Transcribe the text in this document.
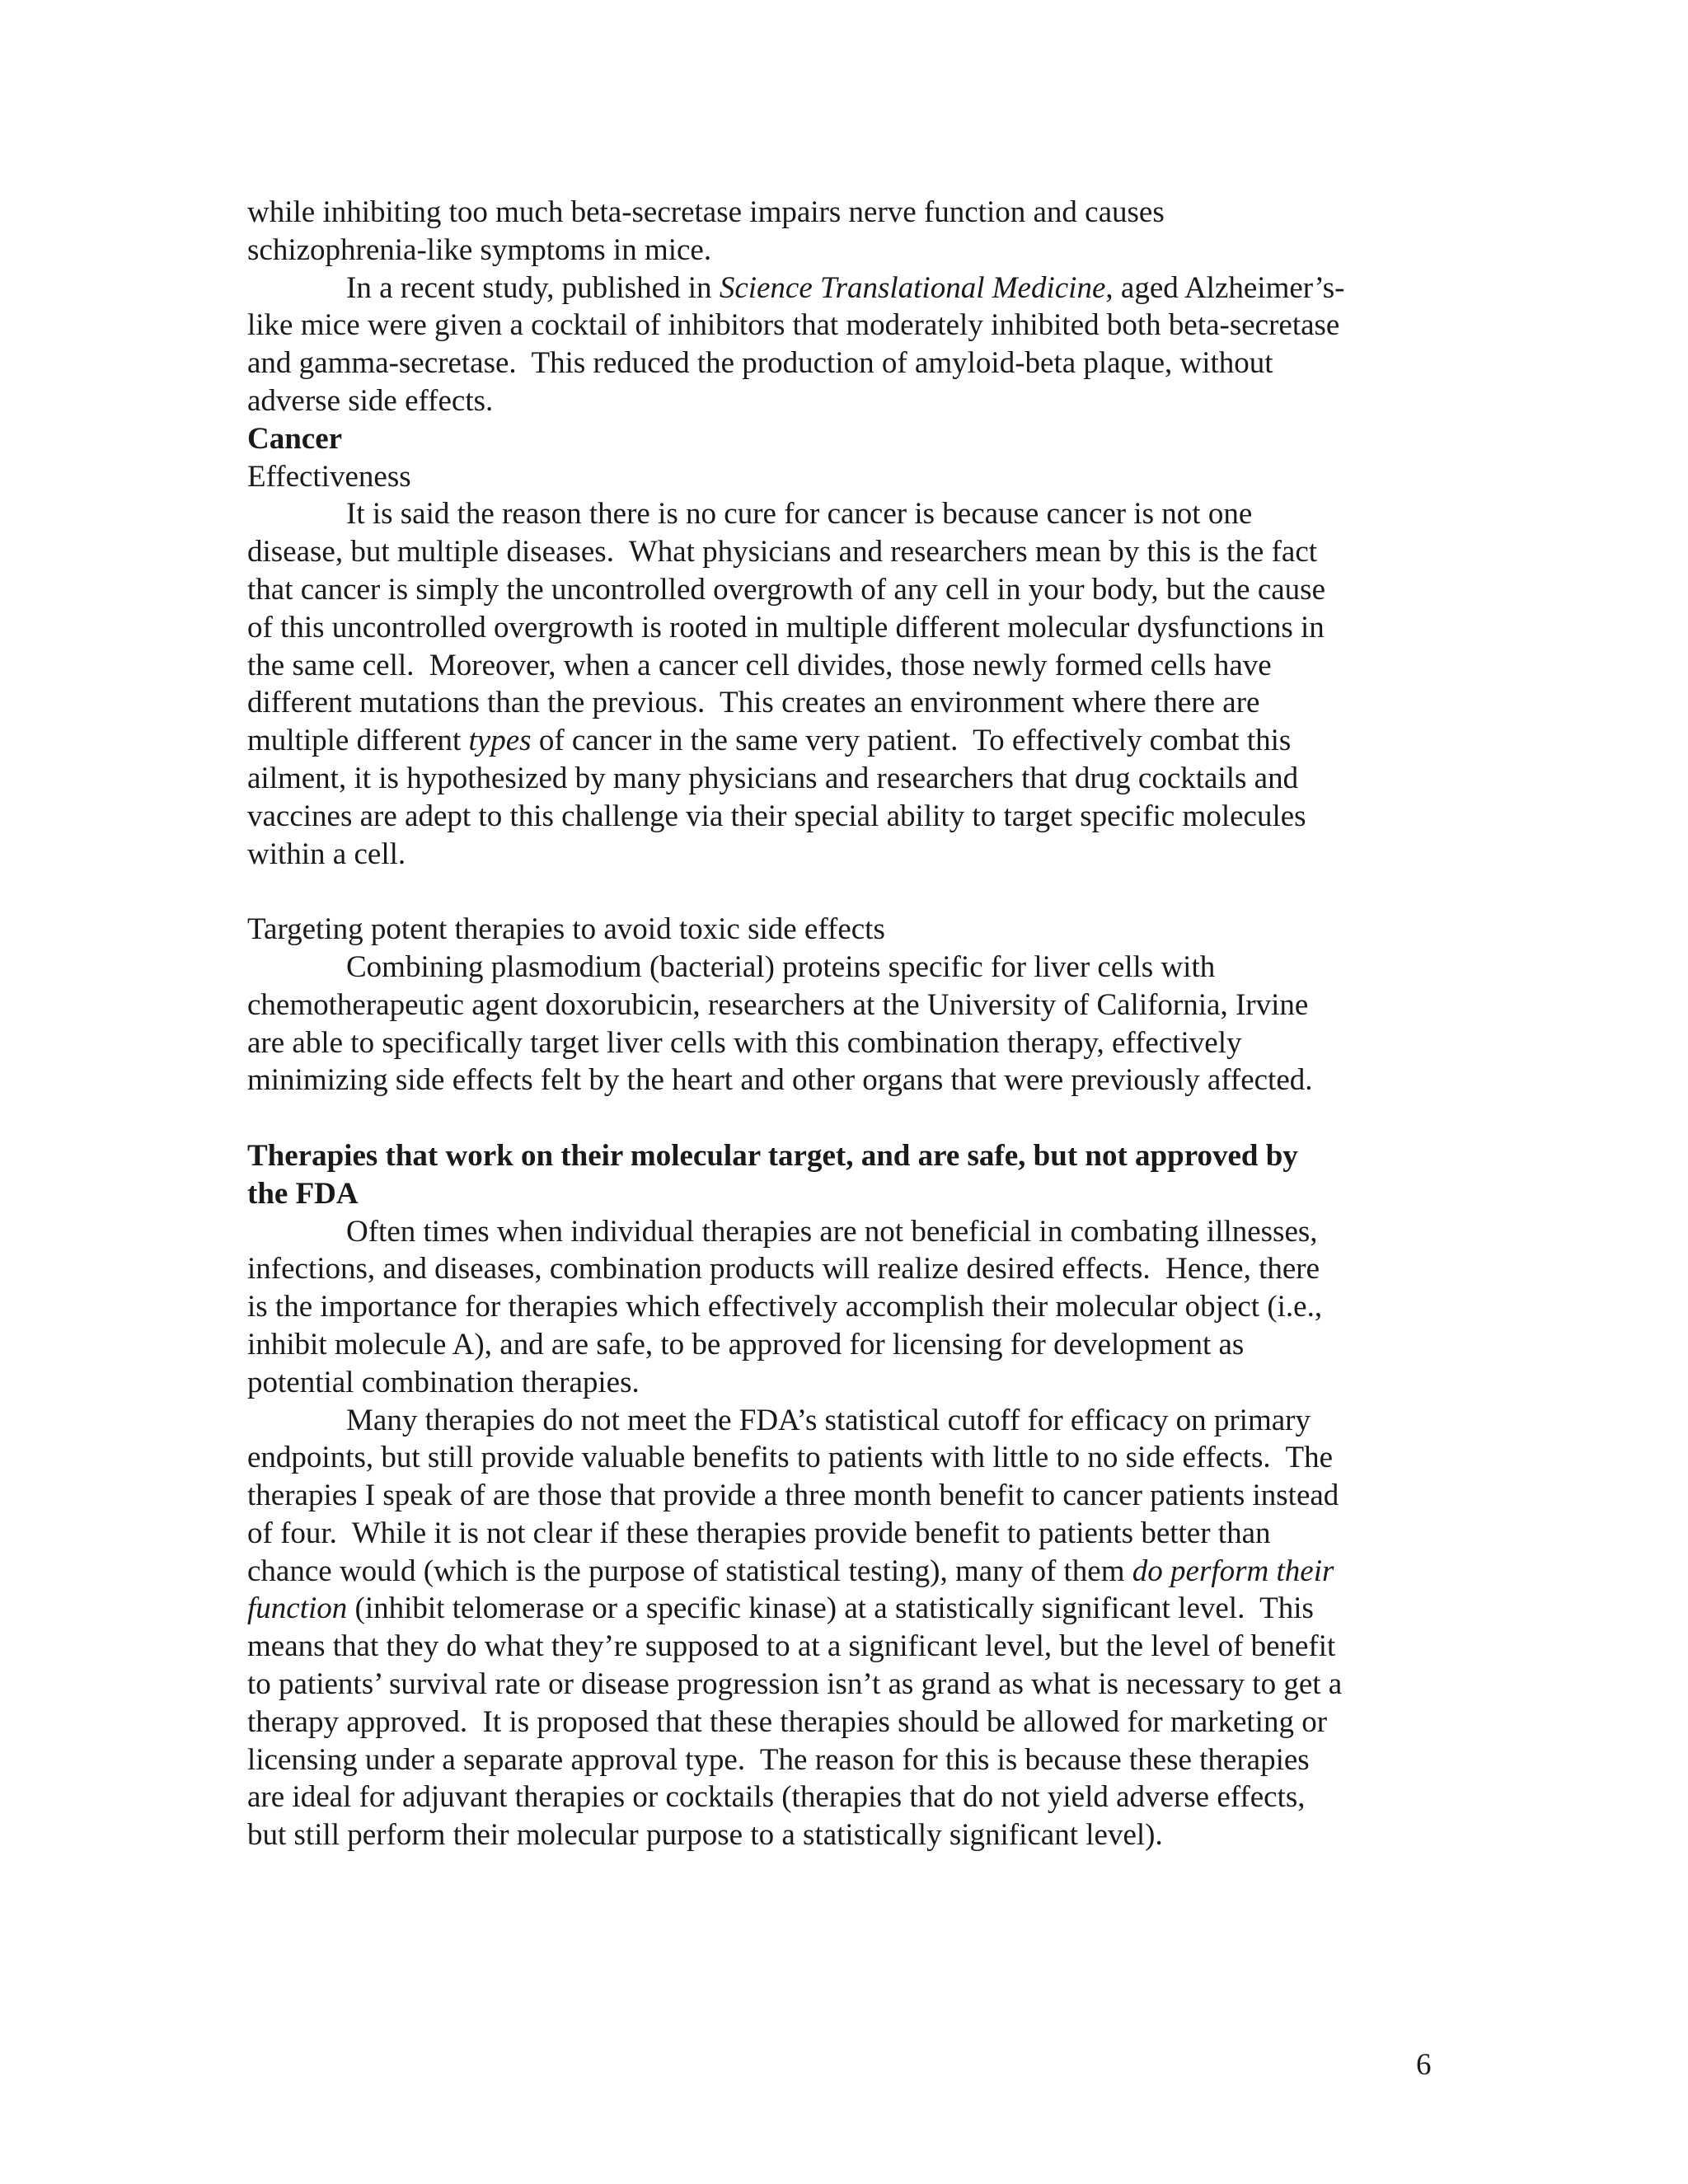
while inhibiting too much beta-secretase impairs nerve function and causes
schizophrenia-like symptoms in mice.
In a recent study, published in Science Translational Medicine, aged Alzheimer’s-
like mice were given a cocktail of inhibitors that moderately inhibited both beta-secretase
and gamma-secretase.  This reduced the production of amyloid-beta plaque, without
adverse side effects.
Cancer
Effectiveness
It is said the reason there is no cure for cancer is because cancer is not one
disease, but multiple diseases.  What physicians and researchers mean by this is the fact
that cancer is simply the uncontrolled overgrowth of any cell in your body, but the cause
of this uncontrolled overgrowth is rooted in multiple different molecular dysfunctions in
the same cell.  Moreover, when a cancer cell divides, those newly formed cells have
different mutations than the previous.  This creates an environment where there are
multiple different types of cancer in the same very patient.  To effectively combat this
ailment, it is hypothesized by many physicians and researchers that drug cocktails and
vaccines are adept to this challenge via their special ability to target specific molecules
within a cell.
Targeting potent therapies to avoid toxic side effects
Combining plasmodium (bacterial) proteins specific for liver cells with
chemotherapeutic agent doxorubicin, researchers at the University of California, Irvine
are able to specifically target liver cells with this combination therapy, effectively
minimizing side effects felt by the heart and other organs that were previously affected.
Therapies that work on their molecular target, and are safe, but not approved by
the FDA
Often times when individual therapies are not beneficial in combating illnesses,
infections, and diseases, combination products will realize desired effects.  Hence, there
is the importance for therapies which effectively accomplish their molecular object (i.e.,
inhibit molecule A), and are safe, to be approved for licensing for development as
potential combination therapies.
Many therapies do not meet the FDA’s statistical cutoff for efficacy on primary
endpoints, but still provide valuable benefits to patients with little to no side effects.  The
therapies I speak of are those that provide a three month benefit to cancer patients instead
of four.  While it is not clear if these therapies provide benefit to patients better than
chance would (which is the purpose of statistical testing), many of them do perform their
function (inhibit telomerase or a specific kinase) at a statistically significant level.  This
means that they do what they’re supposed to at a significant level, but the level of benefit
to patients’ survival rate or disease progression isn’t as grand as what is necessary to get a
therapy approved.  It is proposed that these therapies should be allowed for marketing or
licensing under a separate approval type.  The reason for this is because these therapies
are ideal for adjuvant therapies or cocktails (therapies that do not yield adverse effects,
but still perform their molecular purpose to a statistically significant level).
6
